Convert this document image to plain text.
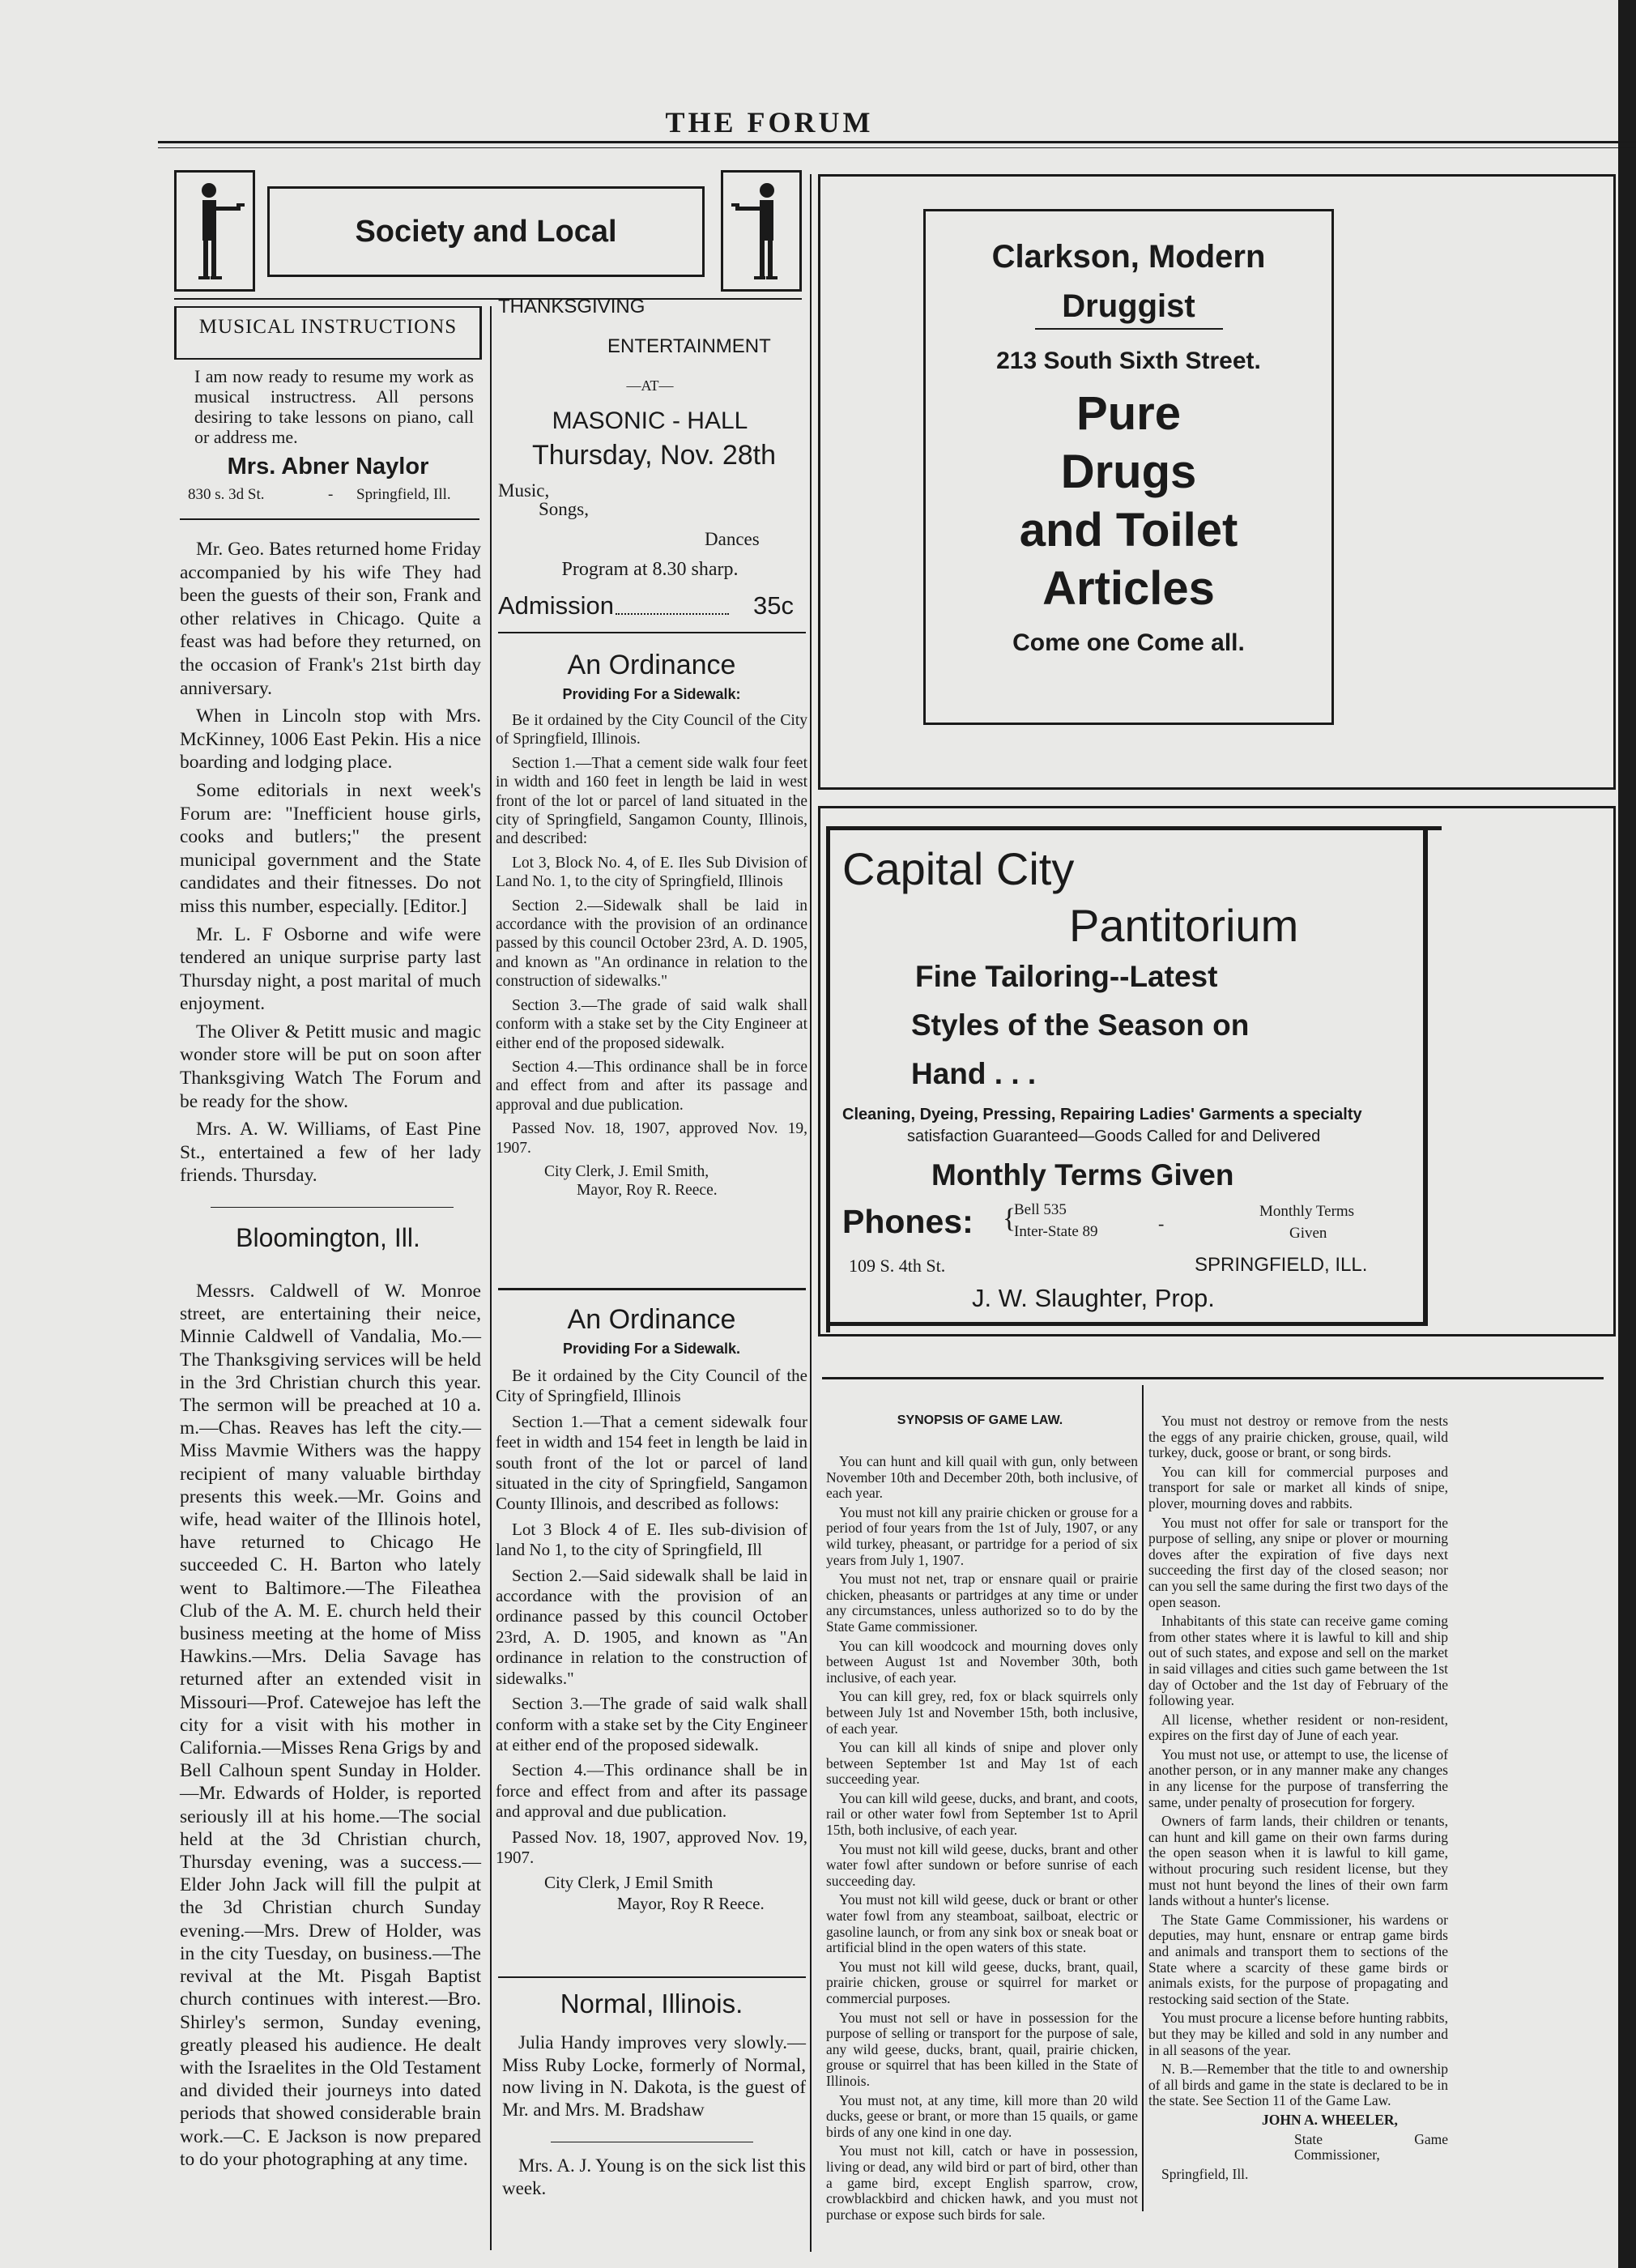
THE FORUM
Society and Local
MUSICAL INSTRUCTIONS
I am now ready to resume my work as musical instructress. All persons desiring to take lessons on piano, call or address me.
Mrs. Abner Naylor
830 s. 3d St.	- Springfield, Ill.

Mr. Geo. Bates returned home Friday accompanied by his wife They had been the guests of their son, Frank and other relatives in Chicago. Quite a feast was had before they returned, on the occasion of Frank's 21st birth day anniversary.

When in Lincoln stop with Mrs. McKinney, 1006 East Pekin. His a nice boarding and lodging place.

Some editorials in next week's Forum are: "Inefficient house girls, cooks and butlers;" the present municipal government and the State candidates and their fitnesses. Do not miss this number, especially. [Editor.]

Mr. L. F Osborne and wife were tendered an unique surprise party last Thursday night, a post marital of much enjoyment.

The Oliver & Petitt music and magic wonder store will be put on soon after Thanksgiving Watch The Forum and be ready for the show.

Mrs. A. W. Williams, of East Pine St., entertained a few of her lady friends. Thursday.

Bloomington, Ill.

Messrs. Caldwell of W. Monroe street, are entertaining their neice, Minnie Caldwell of Vandalia, Mo.—The Thanksgiving services will be held in the 3rd Christian church this year. The sermon will be preached at 10 a. m.—Chas. Reaves has left the city.—Miss Mavmie Withers was the happy recipient of many valuable birthday presents this week.—Mr. Goins and wife, head waiter of the Illinois hotel, have returned to Chicago He succeeded C. H. Barton who lately went to Baltimore.—The Fileathea Club of the A. M. E. church held their business meeting at the home of Miss Hawkins.—Mrs. Delia Savage has returned after an extended visit in Missouri—Prof. Catewejoe has left the city for a visit with his mother in California.—Misses Rena Grigs by and Bell Calhoun spent Sunday in Holder.—Mr. Edwards of Holder, is reported seriously ill at his home.—The social held at the 3d Christian church, Thursday evening, was a success.—Elder John Jack will fill the pulpit at the 3d Christian church Sunday evening.—Mrs. Drew of Holder, was in the city Tuesday, on business.—The revival at the Mt. Pisgah Baptist church continues with interest.—Bro. Shirley's sermon, Sunday evening, greatly pleased his audience. He dealt with the Israelites in the Old Testament and divided their journeys into dated periods that showed considerable brain work.—C. E Jackson is now prepared to do your photographing at any time.

THANKSGIVING
ENTERTAINMENT
—AT—
MASONIC - HALL
Thursday, Nov. 28th
Music,
Songs,
Dances
Program at 8.30 sharp.
Admission	35c
An Ordinance
Providing For a Sidewalk:

Be it ordained by the City Council of the City of Springfield, Illinois.

Section 1.—That a cement side walk four feet in width and 160 feet in length be laid in west front of the lot or parcel of land situated in the city of Springfield, Sangamon County, Illinois, and described:

Lot 3, Block No. 4, of E. Iles Sub Division of Land No. 1, to the city of Springfield, Illinois

Section 2.—Sidewalk shall be laid in accordance with the provision of an ordinance passed by this council October 23rd, A. D. 1905, and known as "An ordinance in relation to the construction of sidewalks."

Section 3.—The grade of said walk shall conform with a stake set by the City Engineer at either end of the proposed sidewalk.

Section 4.—This ordinance shall be in force and effect from and after its passage and approval and due publication.

Passed Nov. 18, 1907, approved Nov. 19, 1907.

City Clerk, J. Emil Smith,
Mayor, Roy R. Reece.
An Ordinance
Providing For a Sidewalk.

Be it ordained by the City Council of the City of Springfield, Illinois

Section 1.—That a cement sidewalk four feet in width and 154 feet in length be laid in south front of the lot or parcel of land situated in the city of Springfield, Sangamon County Illinois, and described as follows:

Lot 3 Block 4 of E. Iles sub-division of land No 1, to the city of Springfield, Ill

Section 2.—Said sidewalk shall be laid in accordance with the provision of an ordinance passed by this council October 23rd, A. D. 1905, and known as "An ordinance in relation to the construction of sidewalks."

Section 3.—The grade of said walk shall conform with a stake set by the City Engineer at either end of the proposed sidewalk.

Section 4.—This ordinance shall be in force and effect from and after its passage and approval and due publication.

Passed Nov. 18, 1907, approved Nov. 19, 1907.

City Clerk, J Emil Smith
Mayor, Roy R Reece.
Normal, Illinois.

Julia Handy improves very slowly.—Miss Ruby Locke, formerly of Normal, now living in N. Dakota, is the guest of Mr. and Mrs. M. Bradshaw

Mrs. A. J. Young is on the sick list this week.

Clarkson, Modern
Druggist
213 South Sixth Street.
Pure
Drugs
and Toilet
Articles
Come one Come all.
Capital City
Pantitorium
Fine Tailoring--Latest
Styles of the Season on
Hand . . .
Cleaning, Dyeing, Pressing, Repairing Ladies' Garments a specialty
satisfaction Guaranteed—Goods Called for and Delivered
Monthly Terms Given
Phones: {
Bell 535
Inter-State 89	-
Monthly Terms
Given
109 S. 4th St.	SPRINGFIELD, ILL.
J. W. Slaughter, Prop.
SYNOPSIS OF GAME LAW.

You can hunt and kill quail with gun, only between November 10th and December 20th, both inclusive, of each year.

You must not kill any prairie chicken or grouse for a period of four years from the 1st of July, 1907, or any wild turkey, pheasant, or partridge for a period of six years from July 1, 1907.

You must not net, trap or ensnare quail or prairie chicken, pheasants or partridges at any time or under any circumstances, unless authorized so to do by the State Game commissioner.

You can kill woodcock and mourning doves only between August 1st and November 30th, both inclusive, of each year.

You can kill grey, red, fox or black squirrels only between July 1st and November 15th, both inclusive, of each year.

You can kill all kinds of snipe and plover only between September 1st and May 1st of each succeeding year.

You can kill wild geese, ducks, and brant, and coots, rail or other water fowl from September 1st to April 15th, both inclusive, of each year.

You must not kill wild geese, ducks, brant and other water fowl after sundown or before sunrise of each succeeding day.

You must not kill wild geese, duck or brant or other water fowl from any steamboat, sailboat, electric or gasoline launch, or from any sink box or sneak boat or artificial blind in the open waters of this state.

You must not kill wild geese, ducks, brant, quail, prairie chicken, grouse or squirrel for market or commercial purposes.

You must not sell or have in possession for the purpose of selling or transport for the purpose of sale, any wild geese, ducks, brant, quail, prairie chicken, grouse or squirrel that has been killed in the State of Illinois.

You must not, at any time, kill more than 20 wild ducks, geese or brant, or more than 15 quails, or game birds of any one kind in one day.

You must not kill, catch or have in possession, living or dead, any wild bird or part of bird, other than a game bird, except English sparrow, crow, crowblackbird and chicken hawk, and you must not purchase or expose such birds for sale.

You must not destroy or remove from the nests the eggs of any prairie chicken, grouse, quail, wild turkey, duck, goose or brant, or song birds.

You can kill for commercial purposes and transport for sale or market all kinds of snipe, plover, mourning doves and rabbits.

You must not offer for sale or transport for the purpose of selling, any snipe or plover or mourning doves after the expiration of five days next succeeding the first day of the closed season; nor can you sell the same during the first two days of the open season.

Inhabitants of this state can receive game coming from other states where it is lawful to kill and ship out of such states, and expose and sell on the market in said villages and cities such game between the 1st day of October and the 1st day of February of the following year.

All license, whether resident or non-resident, expires on the first day of June of each year.

You must not use, or attempt to use, the license of another person, or in any manner make any changes in any license for the purpose of transferring the same, under penalty of prosecution for forgery.

Owners of farm lands, their children or tenants, can hunt and kill game on their own farms during the open season when it is lawful to kill game, without procuring such resident license, but they must not hunt beyond the lines of their own farm lands without a hunter's license.

The State Game Commissioner, his wardens or deputies, may hunt, ensnare or entrap game birds and animals and transport them to sections of the State where a scarcity of these game birds or animals exists, for the purpose of propagating and restocking said section of the State.

You must procure a license before hunting rabbits, but they may be killed and sold in any number and in all seasons of the year.

N. B.—Remember that the title to and ownership of all birds and game in the state is declared to be in the state. See Section 11 of the Game Law.

JOHN A. WHEELER,
State Game Commissioner,
Springfield, Ill.
